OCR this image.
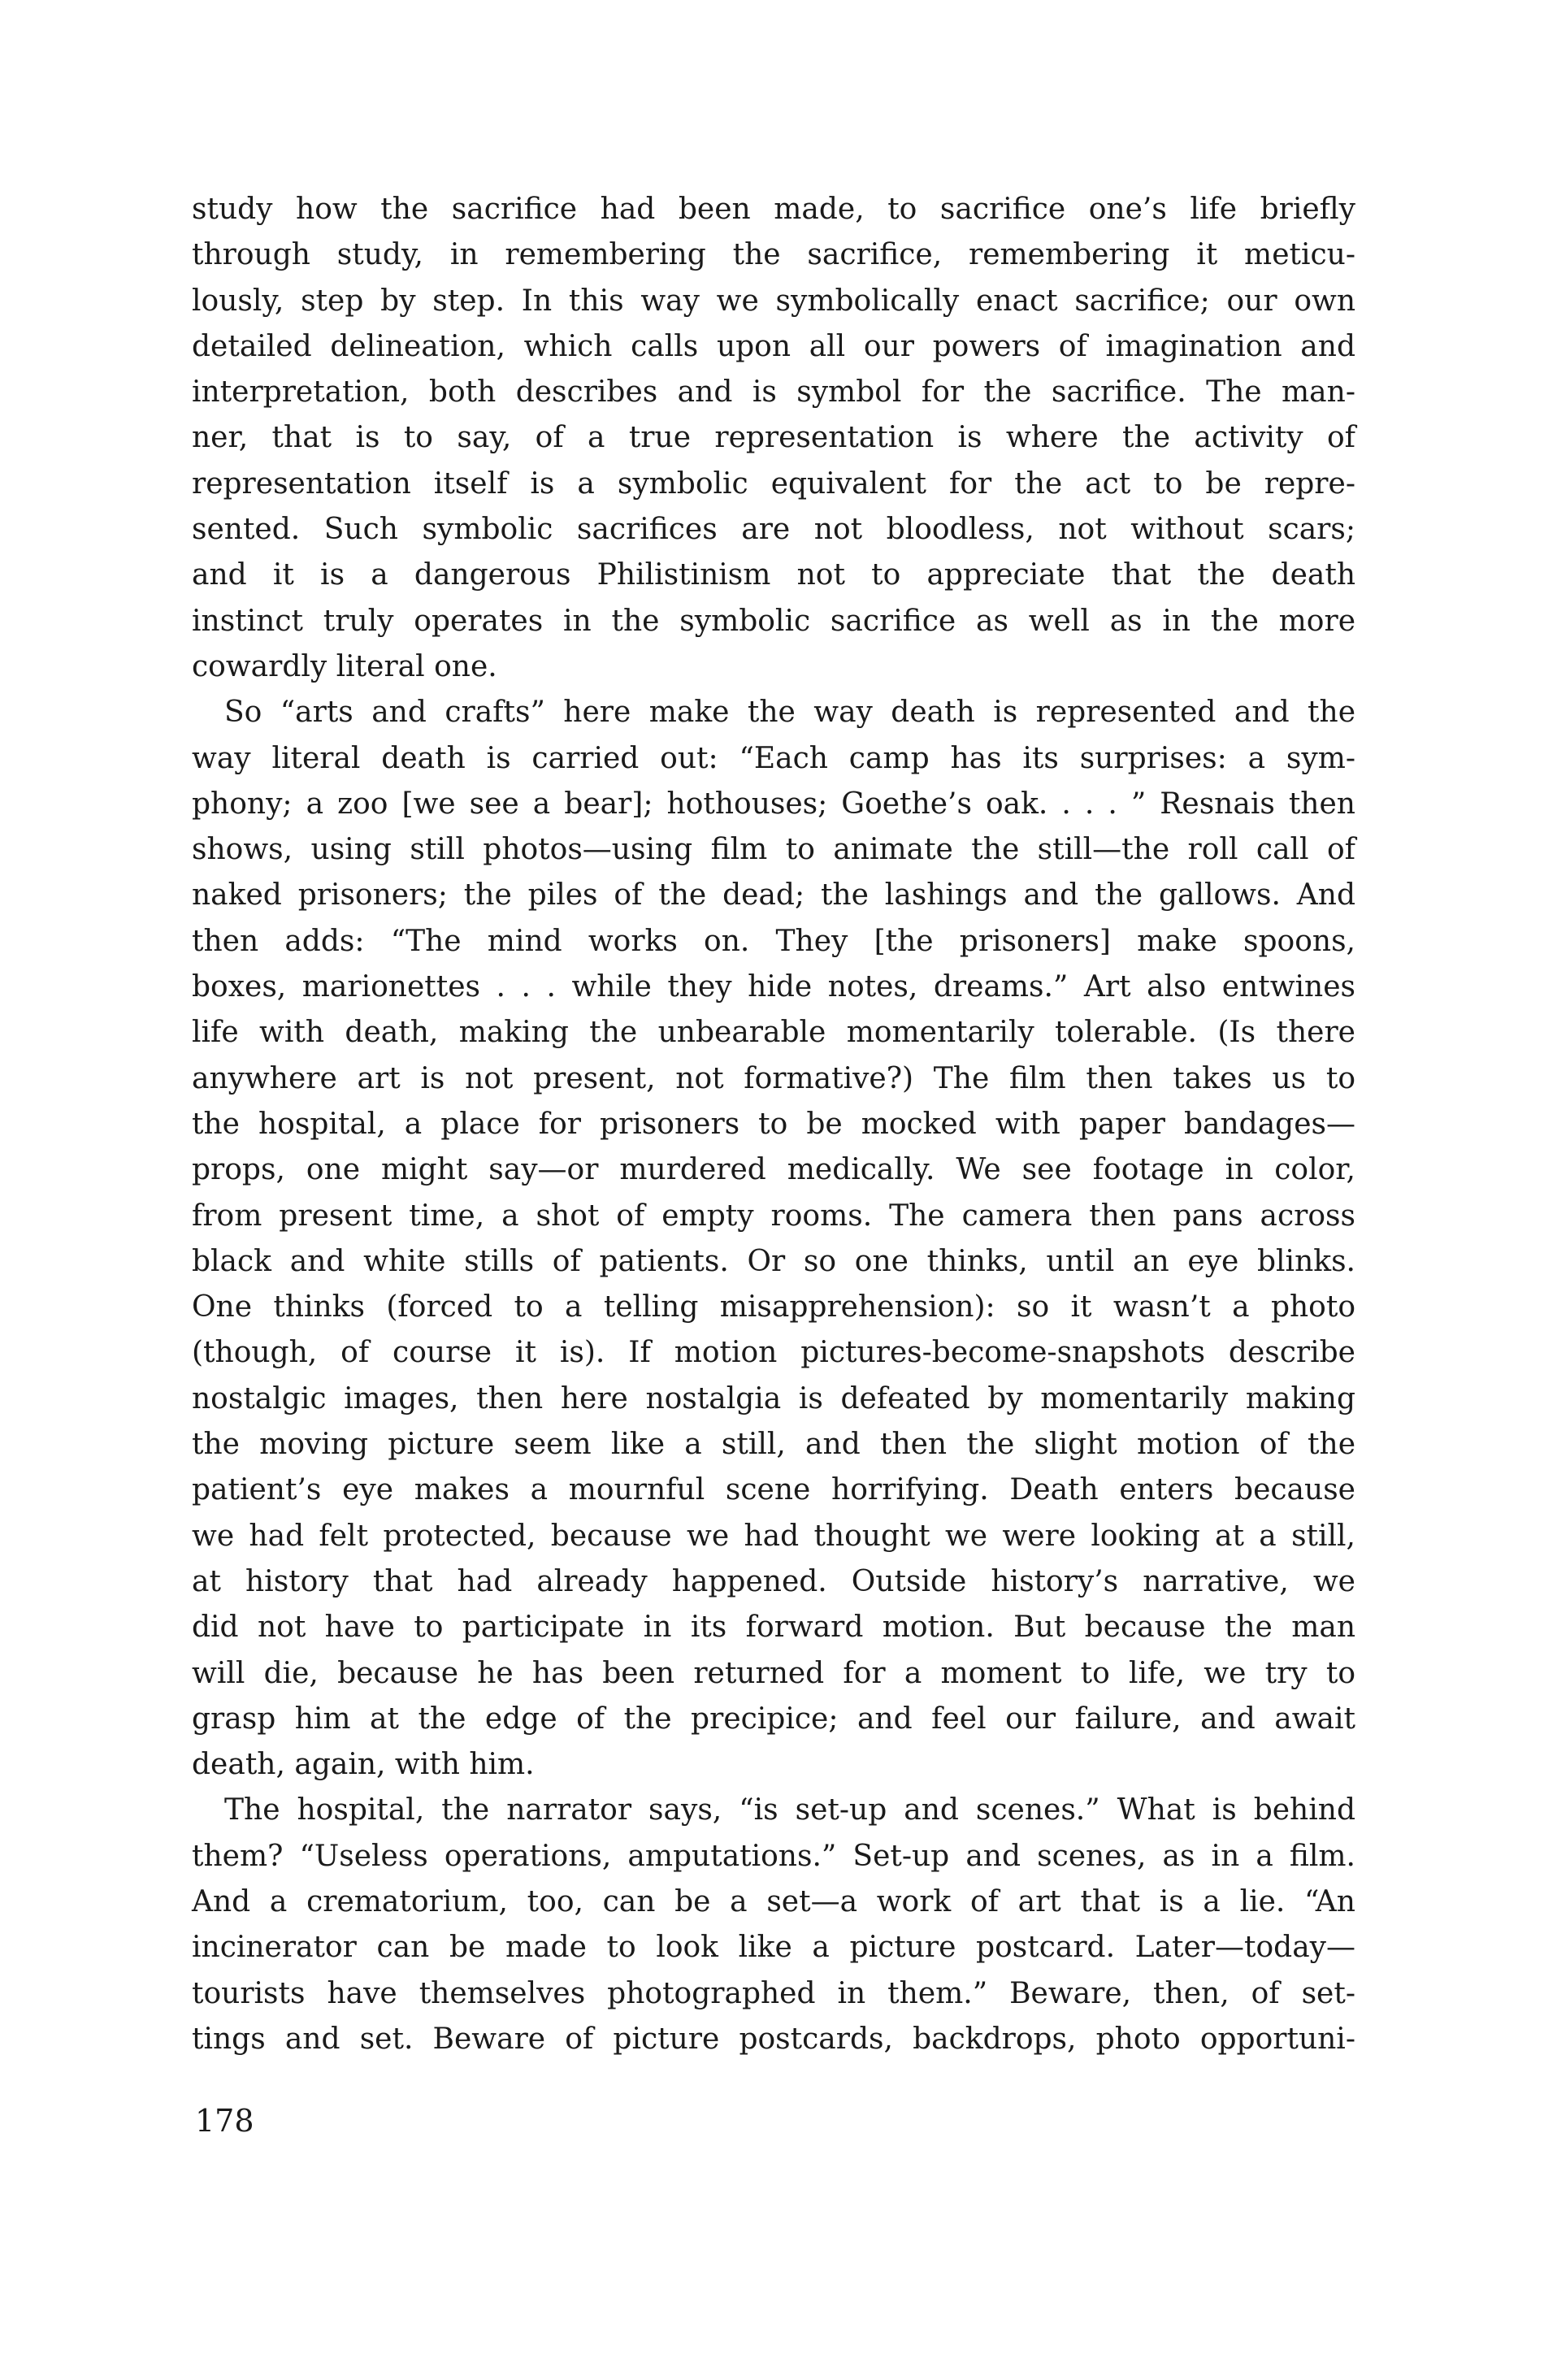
study how the sacrifice had been made, to sacrifice one’s life briefly
through study, in remembering the sacrifice, remembering it meticu-
lously, step by step. In this way we symbolically enact sacrifice; our own
detailed delineation, which calls upon all our powers of imagination and
interpretation, both describes and is symbol for the sacrifice. The man-
ner, that is to say, of a true representation is where the activity of
representation itself is a symbolic equivalent for the act to be repre-
sented. Such symbolic sacrifices are not bloodless, not without scars;
and it is a dangerous Philistinism not to appreciate that the death
instinct truly operates in the symbolic sacrifice as well as in the more
cowardly literal one.
So “arts and crafts” here make the way death is represented and the
way literal death is carried out: “Each camp has its surprises: a sym-
phony; a zoo [we see a bear]; hothouses; Goethe’s oak. . . . ” Resnais then
shows, using still photos—using film to animate the still—the roll call of
naked prisoners; the piles of the dead; the lashings and the gallows. And
then adds: “The mind works on. They [the prisoners] make spoons,
boxes, marionettes . . . while they hide notes, dreams.” Art also entwines
life with death, making the unbearable momentarily tolerable. (Is there
anywhere art is not present, not formative?) The film then takes us to
the hospital, a place for prisoners to be mocked with paper bandages—
props, one might say—or murdered medically. We see footage in color,
from present time, a shot of empty rooms. The camera then pans across
black and white stills of patients. Or so one thinks, until an eye blinks.
One thinks (forced to a telling misapprehension): so it wasn’t a photo
(though, of course it is). If motion pictures-become-snapshots describe
nostalgic images, then here nostalgia is defeated by momentarily making
the moving picture seem like a still, and then the slight motion of the
patient’s eye makes a mournful scene horrifying. Death enters because
we had felt protected, because we had thought we were looking at a still,
at history that had already happened. Outside history’s narrative, we
did not have to participate in its forward motion. But because the man
will die, because he has been returned for a moment to life, we try to
grasp him at the edge of the precipice; and feel our failure, and await
death, again, with him.
The hospital, the narrator says, “is set-up and scenes.” What is behind
them? “Useless operations, amputations.” Set-up and scenes, as in a film.
And a crematorium, too, can be a set—a work of art that is a lie. “An
incinerator can be made to look like a picture postcard. Later—today—
tourists have themselves photographed in them.” Beware, then, of set-
tings and set. Beware of picture postcards, backdrops, photo opportuni-
178
